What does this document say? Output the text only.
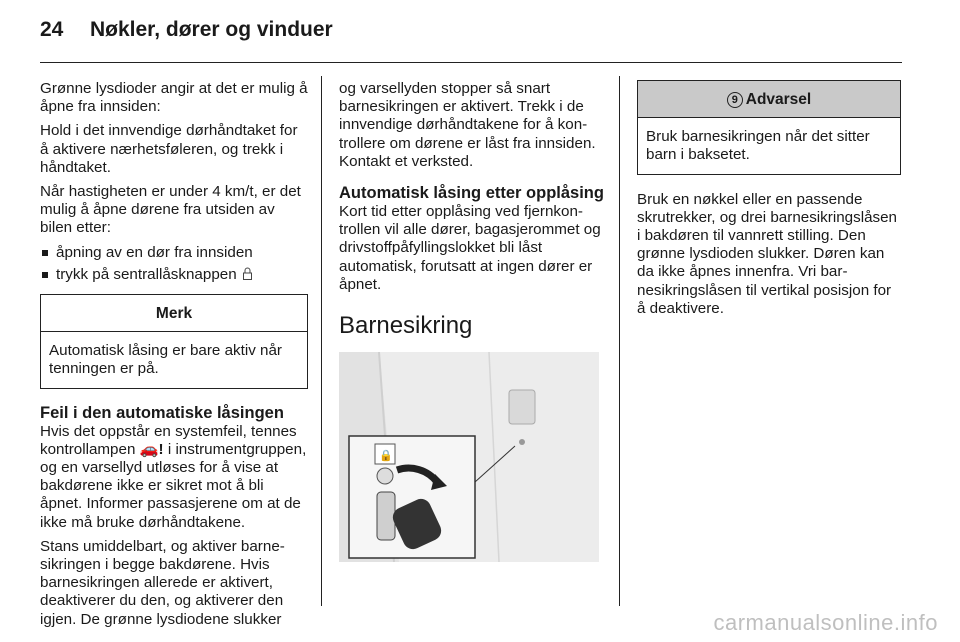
24 Nøkler, dører og vinduer

Grønne lysdioder angir at det er mulig å åpne fra innsiden:

Hold i det innvendige dørhåndtaket for å aktivere nærhetsføleren, og trekk i håndtaket.

Når hastigheten er under 4 km/t, er det mulig å åpne dørene fra utsiden av bilen etter:

åpning av en dør fra innsiden
trykk på sentrallåsknappen
Merk
Automatisk låsing er bare aktiv når tenningen er på.
Feil i den automatiske låsingen

Hvis det oppstår en systemfeil, tennes kontrollampen 🚗! i instrumentgruppen, og en varsellyd utløses for å vise at bakdørene ikke er sikret mot å bli åpnet. Informer passasjerene om at de ikke må bruke dørhåndtakene.

Stans umiddelbart, og aktiver barnesikringen i begge bakdørene. Hvis barnesikringen allerede er aktivert, deaktiverer du den, og aktiverer den igjen. De grønne lysdiodene slukker

og varsellyden stopper så snart barnesikringen er aktivert. Trekk i de innvendige dørhåndtakene for å kontrollere om dørene er låst fra innsiden. Kontakt et verksted.

Automatisk låsing etter opplåsing

Kort tid etter opplåsing ved fjernkontrollen vil alle dører, bagasjerommet og drivstoffpåfyllingslokket bli låst automatisk, forutsatt at ingen dører er åpnet.

Barnesikring
🔒
9 Advarsel
Bruk barnesikringen når det sitter barn i baksetet.

Bruk en nøkkel eller en passende skrutrekker, og drei barnesikringslåsen i bakdøren til vannrett stilling. Den grønne lysdioden slukker. Døren kan da ikke åpnes innenfra. Vri barnesikringslåsen til vertikal posisjon for å deaktivere.

carmanualsonline.info
